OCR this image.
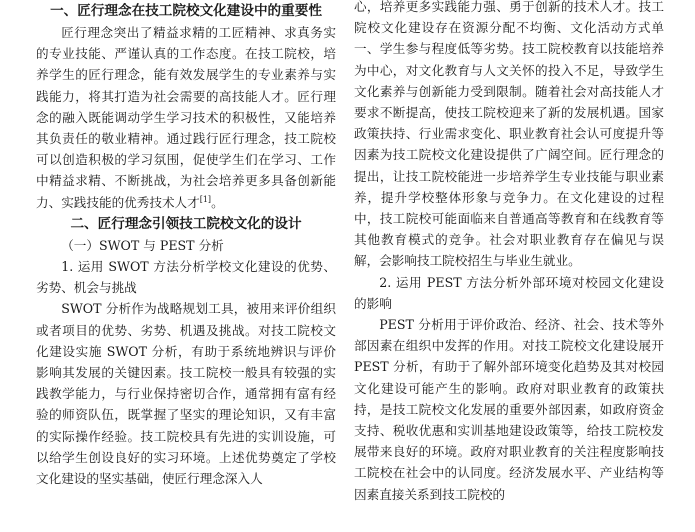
一、匠行理念在技工院校文化建设中的重要性

匠行理念突出了精益求精的工匠精神、求真务实的专业技能、严谨认真的工作态度。在技工院校，培养学生的匠行理念，能有效发展学生的专业素养与实践能力，将其打造为社会需要的高技能人才。匠行理念的融入既能调动学生学习技术的积极性，又能培养其负责任的敬业精神。通过践行匠行理念，技工院校可以创造积极的学习氛围，促使学生们在学习、工作中精益求精、不断挑战，为社会培养更多具备创新能力、实践技能的优秀技术人才[1]。

二、匠行理念引领技工院校文化的设计

（一）SWOT 与 PEST 分析

1. 运用 SWOT 方法分析学校文化建设的优势、劣势、机会与挑战

SWOT 分析作为战略规划工具，被用来评价组织或者项目的优势、劣势、机遇及挑战。对技工院校文化建设实施 SWOT 分析，有助于系统地辨识与评价影响其发展的关键因素。技工院校一般具有较强的实践教学能力，与行业保持密切合作，通常拥有富有经验的师资队伍，既掌握了坚实的理论知识，又有丰富的实际操作经验。技工院校具有先进的实训设施，可以给学生创设良好的实习环境。上述优势奠定了学校文化建设的坚实基础，使匠行理念深入人

心，培养更多实践能力强、勇于创新的技术人才。技工院校文化建设存在资源分配不均衡、文化活动方式单一、学生参与程度低等劣势。技工院校教育以技能培养为中心，对文化教育与人文关怀的投入不足，导致学生文化素养与创新能力受到限制。随着社会对高技能人才要求不断提高，使技工院校迎来了新的发展机遇。国家政策扶持、行业需求变化、职业教育社会认可度提升等因素为技工院校文化建设提供了广阔空间。匠行理念的提出，让技工院校能进一步培养学生专业技能与职业素养，提升学校整体形象与竞争力。在文化建设的过程中，技工院校可能面临来自普通高等教育和在线教育等其他教育模式的竞争。社会对职业教育存在偏见与误解，会影响技工院校招生与毕业生就业。

2. 运用 PEST 方法分析外部环境对校园文化建设的影响

PEST 分析用于评价政治、经济、社会、技术等外部因素在组织中发挥的作用。对技工院校文化建设展开 PEST 分析，有助于了解外部环境变化趋势及其对校园文化建设可能产生的影响。政府对职业教育的政策扶持，是技工院校文化发展的重要外部因素，如政府资金支持、税收优惠和实训基地建设政策等，给技工院校发展带来良好的环境。政府对职业教育的关注程度影响技工院校在社会中的认同度。经济发展水平、产业结构等因素直接关系到技工院校的
